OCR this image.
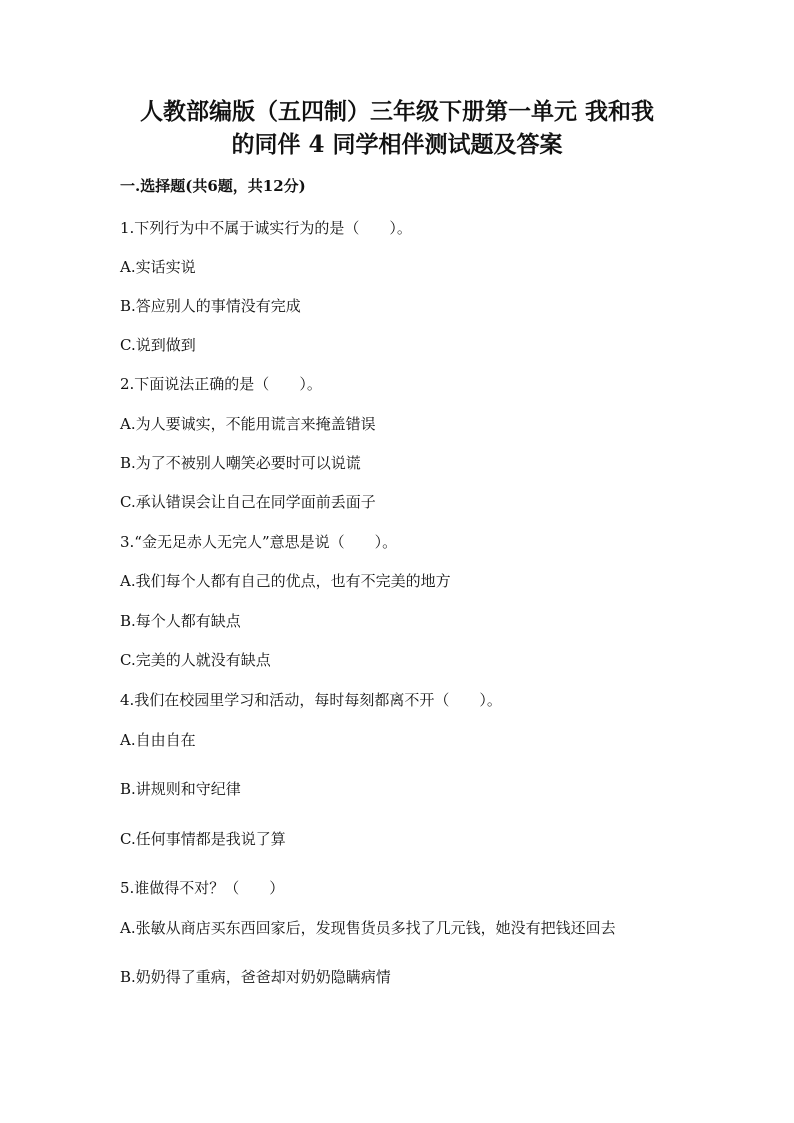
人教部编版（五四制）三年级下册第一单元 我和我
的同伴 4 同学相伴测试题及答案
一.选择题(共6题，共12分)
1.下列行为中不属于诚实行为的是（　　）。
A.实话实说
B.答应别人的事情没有完成
C.说到做到
2.下面说法正确的是（　　）。
A.为人要诚实，不能用谎言来掩盖错误
B.为了不被别人嘲笑必要时可以说谎
C.承认错误会让自己在同学面前丢面子
3.“金无足赤人无完人”意思是说（　　）。
A.我们每个人都有自己的优点，也有不完美的地方
B.每个人都有缺点
C.完美的人就没有缺点
4.我们在校园里学习和活动，每时每刻都离不开（　　）。
A.自由自在
B.讲规则和守纪律
C.任何事情都是我说了算
5.谁做得不对？（　　）
A.张敏从商店买东西回家后，发现售货员多找了几元钱，她没有把钱还回去
B.奶奶得了重病，爸爸却对奶奶隐瞒病情
